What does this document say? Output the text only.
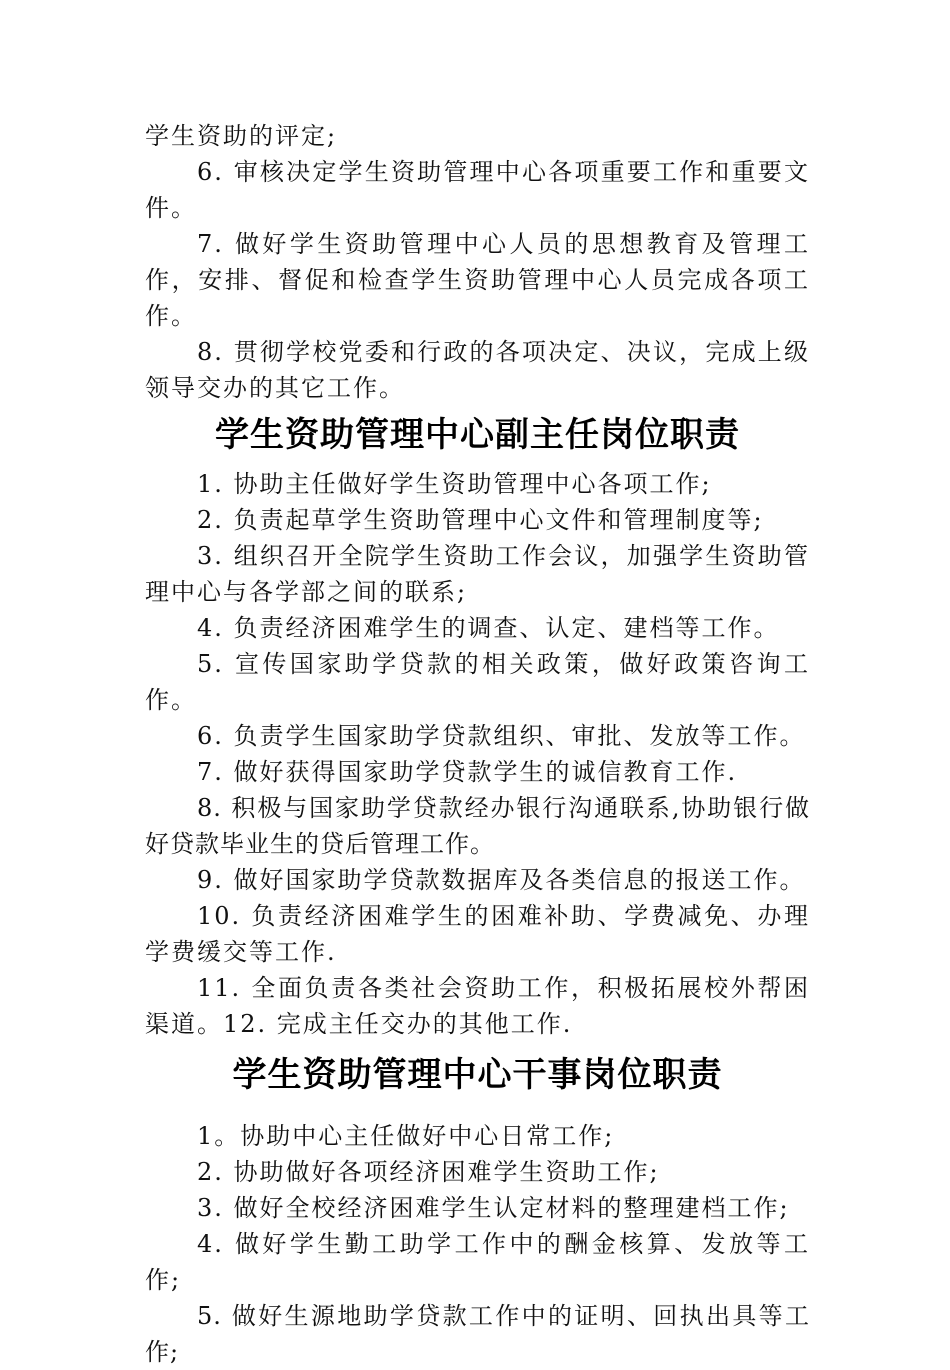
学生资助的评定;

6. 审核决定学生资助管理中心各项重要工作和重要文件。

7. 做好学生资助管理中心人员的思想教育及管理工作，安排、督促和检查学生资助管理中心人员完成各项工作。

8. 贯彻学校党委和行政的各项决定、决议，完成上级领导交办的其它工作。

学生资助管理中心副主任岗位职责

1. 协助主任做好学生资助管理中心各项工作;

2. 负责起草学生资助管理中心文件和管理制度等;

3. 组织召开全院学生资助工作会议，加强学生资助管理中心与各学部之间的联系;

4. 负责经济困难学生的调查、认定、建档等工作。

5. 宣传国家助学贷款的相关政策，做好政策咨询工作。

6. 负责学生国家助学贷款组织、审批、发放等工作。

7. 做好获得国家助学贷款学生的诚信教育工作.

8. 积极与国家助学贷款经办银行沟通联系,协助银行做好贷款毕业生的贷后管理工作。

9. 做好国家助学贷款数据库及各类信息的报送工作。

10. 负责经济困难学生的困难补助、学费减免、办理学费缓交等工作.

11. 全面负责各类社会资助工作，积极拓展校外帮困渠道。12. 完成主任交办的其他工作.

学生资助管理中心干事岗位职责

1。协助中心主任做好中心日常工作;

2. 协助做好各项经济困难学生资助工作;

3. 做好全校经济困难学生认定材料的整理建档工作;

4. 做好学生勤工助学工作中的酬金核算、发放等工作;

5. 做好生源地助学贷款工作中的证明、回执出具等工作;
